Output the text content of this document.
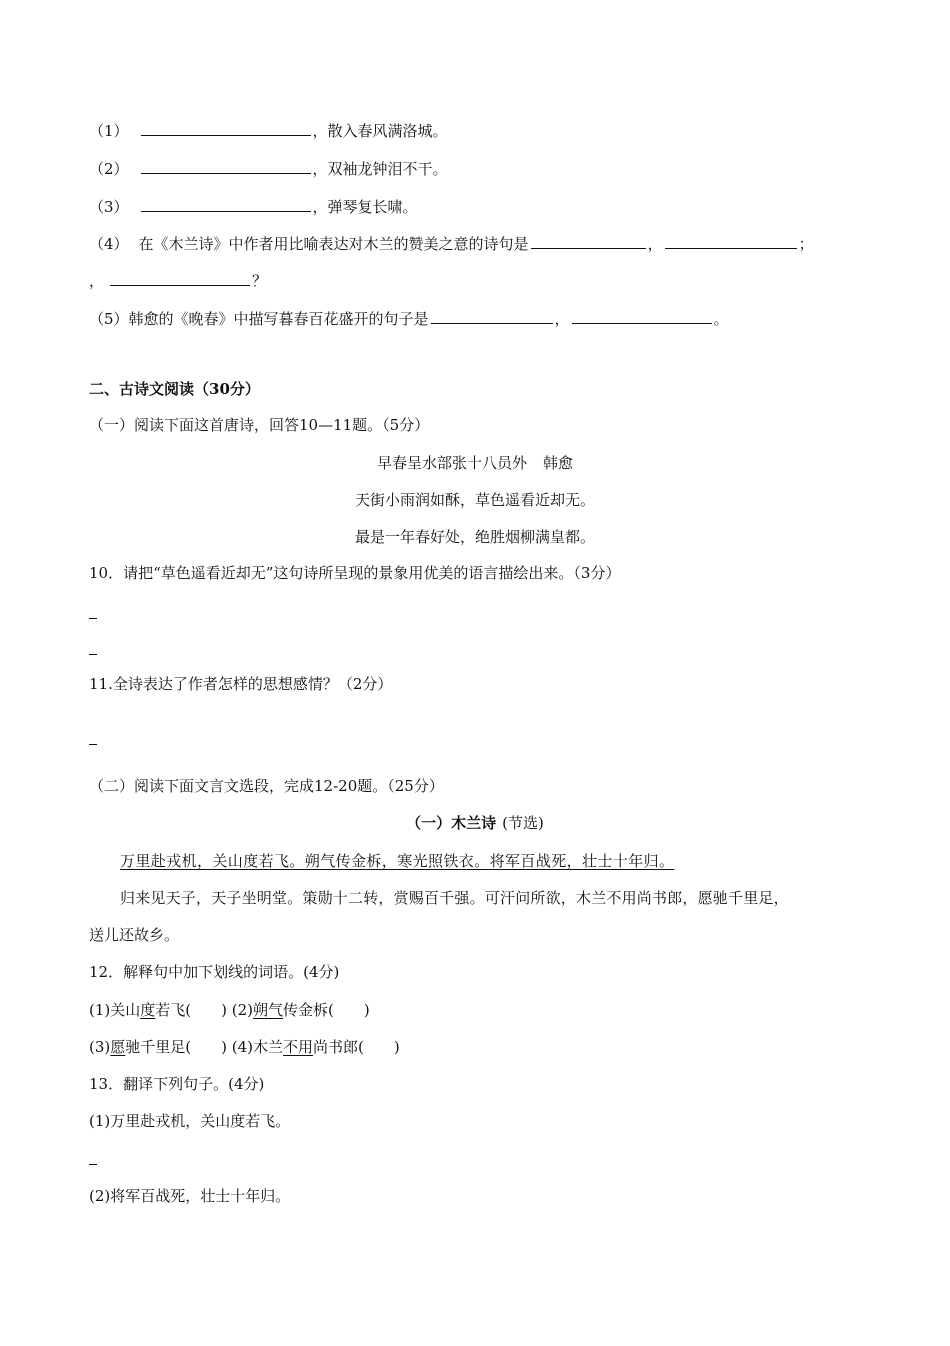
（1）	，散入春风满洛城。
（2）	，双袖龙钟泪不干。
（3）	，弹琴复长啸。
（4） 在《木兰诗》中作者用比喻表达对木兰的赞美之意的诗句是	，	；
，	？
（5）韩愈的《晚春》中描写暮春百花盛开的句子是	，	。
二、古诗文阅读（30分）
（一）阅读下面这首唐诗，回答10—11题。（5分）
早春呈水部张十八员外 韩愈
天街小雨润如酥，草色遥看近却无。
最是一年春好处，绝胜烟柳满皇都。
10．请把“草色遥看近却无”这句诗所呈现的景象用优美的语言描绘出来。（3分）
11.全诗表达了作者怎样的思想感情？（2分）
（二）阅读下面文言文选段，完成12-20题。（25分）
（一）木兰诗 (节选)
万里赴戎机，关山度若飞。朔气传金柝，寒光照铁衣。将军百战死，壮士十年归。
归来见天子，天子坐明堂。策勋十二转，赏赐百千强。可汗问所欲，木兰不用尚书郎，愿驰千里足，
送儿还故乡。
12．解释句中加下划线的词语。(4分)
(1)关山度若飞(　　) (2)朔气传金柝(　　)
(3)愿驰千里足(　　) (4)木兰不用尚书郎(　　)
13．翻译下列句子。(4分)
(1)万里赴戎机，关山度若飞。
(2)将军百战死，壮士十年归。
